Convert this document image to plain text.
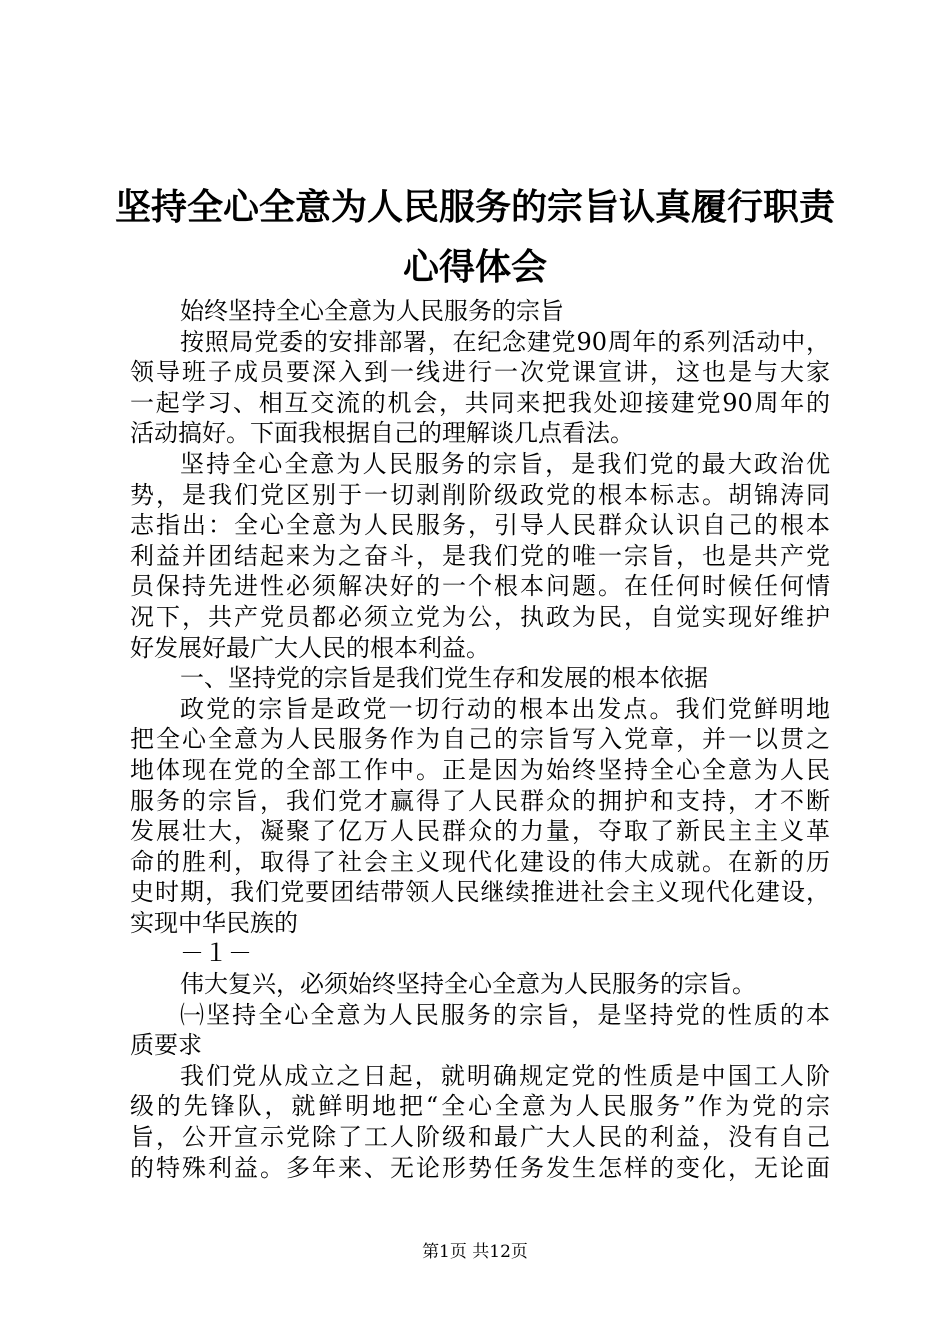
坚持全心全意为人民服务的宗旨认真履行职责
心得体会
始终坚持全心全意为人民服务的宗旨
按照局党委的安排部署，在纪念建党90周年的系列活动中，
领导班子成员要深入到一线进行一次党课宣讲，这也是与大家
一起学习、相互交流的机会，共同来把我处迎接建党90周年的
活动搞好。下面我根据自己的理解谈几点看法。
坚持全心全意为人民服务的宗旨，是我们党的最大政治优
势，是我们党区别于一切剥削阶级政党的根本标志。胡锦涛同
志指出：全心全意为人民服务，引导人民群众认识自己的根本
利益并团结起来为之奋斗，是我们党的唯一宗旨，也是共产党
员保持先进性必须解决好的一个根本问题。在任何时候任何情
况下，共产党员都必须立党为公，执政为民，自觉实现好维护
好发展好最广大人民的根本利益。
一、坚持党的宗旨是我们党生存和发展的根本依据
政党的宗旨是政党一切行动的根本出发点。我们党鲜明地
把全心全意为人民服务作为自己的宗旨写入党章，并一以贯之
地体现在党的全部工作中。正是因为始终坚持全心全意为人民
服务的宗旨，我们党才赢得了人民群众的拥护和支持，才不断
发展壮大，凝聚了亿万人民群众的力量，夺取了新民主主义革
命的胜利，取得了社会主义现代化建设的伟大成就。在新的历
史时期，我们党要团结带领人民继续推进社会主义现代化建设，
实现中华民族的
－１－
伟大复兴，必须始终坚持全心全意为人民服务的宗旨。
㈠坚持全心全意为人民服务的宗旨，是坚持党的性质的本
质要求
我们党从成立之日起，就明确规定党的性质是中国工人阶
级的先锋队，就鲜明地把“全心全意为人民服务”作为党的宗
旨，公开宣示党除了工人阶级和最广大人民的利益，没有自己
的特殊利益。多年来、无论形势任务发生怎样的变化，无论面
第1页 共12页
